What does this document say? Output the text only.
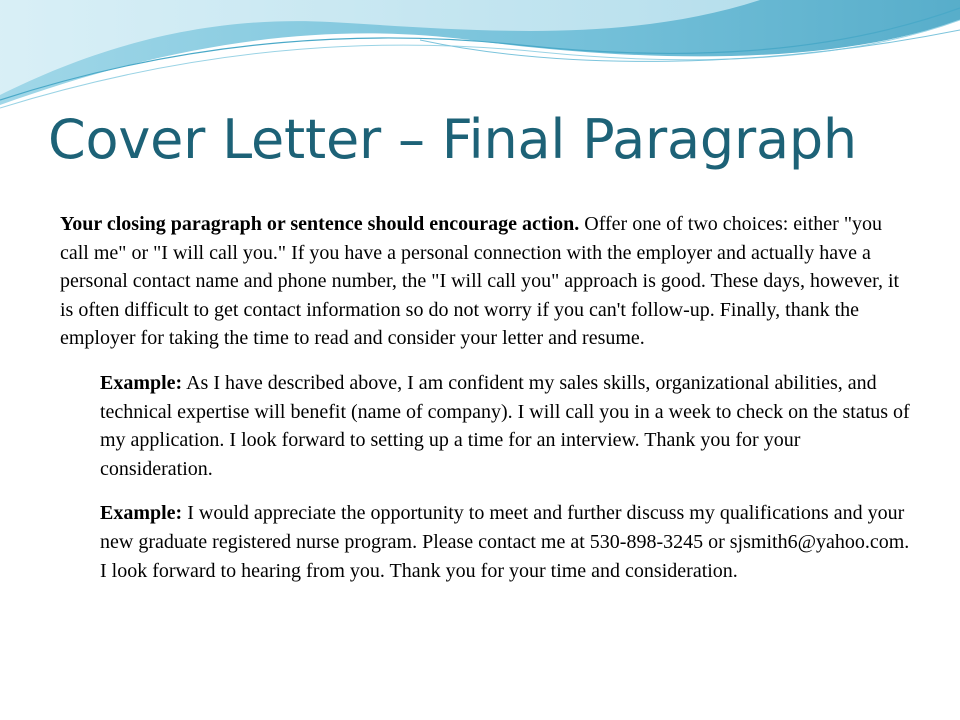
Cover Letter – Final Paragraph

Your closing paragraph or sentence should encourage action. Offer one of two choices: either "you call me" or "I will call you." If you have a personal connection with the employer and actually have a personal contact name and phone number, the "I will call you" approach is good. These days, however, it is often difficult to get contact information so do not worry if you can't follow-up. Finally, thank the employer for taking the time to read and consider your letter and resume.

Example: As I have described above, I am confident my sales skills, organizational abilities, and technical expertise will benefit (name of company). I will call you in a week to check on the status of my application. I look forward to setting up a time for an interview. Thank you for your consideration.

Example: I would appreciate the opportunity to meet and further discuss my qualifications and your new graduate registered nurse program. Please contact me at 530-898-3245 or sjsmith6@yahoo.com. I look forward to hearing from you. Thank you for your time and consideration.
